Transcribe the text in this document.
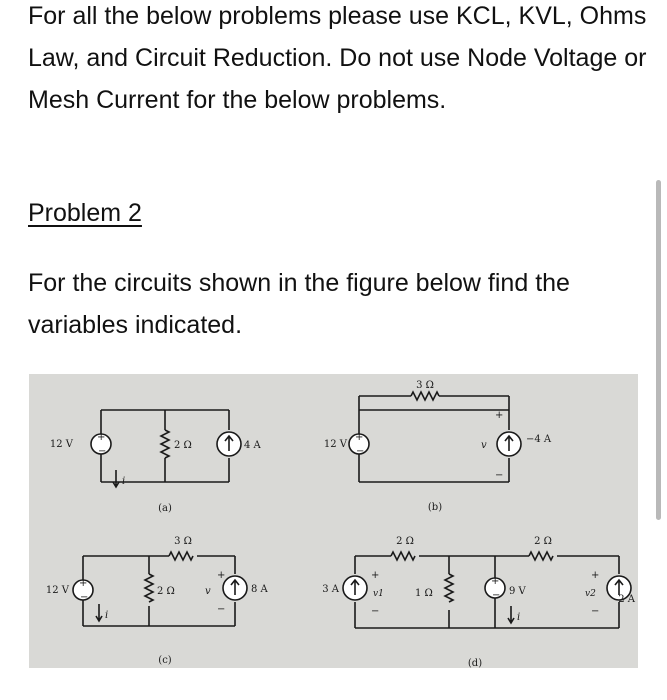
For all the below problems please use KCL, KVL, Ohms Law, and Circuit Reduction. Do not use Node Voltage or Mesh Current for the below problems.
Problem 2
For the circuits shown in the figure below find the variables indicated.
12 V
+
−
2 Ω	4 A
i
(a)
12 V
+
−
3 Ω
+
v
−
−4 A
(b)
12 V
+
−
3 Ω
2 Ω
+
v
−
8 A
i
(c)
3 A
+
v1
−
2 Ω
1 Ω
+
− 9 V
2 Ω
+
v2
−
2 A
i
(d)
